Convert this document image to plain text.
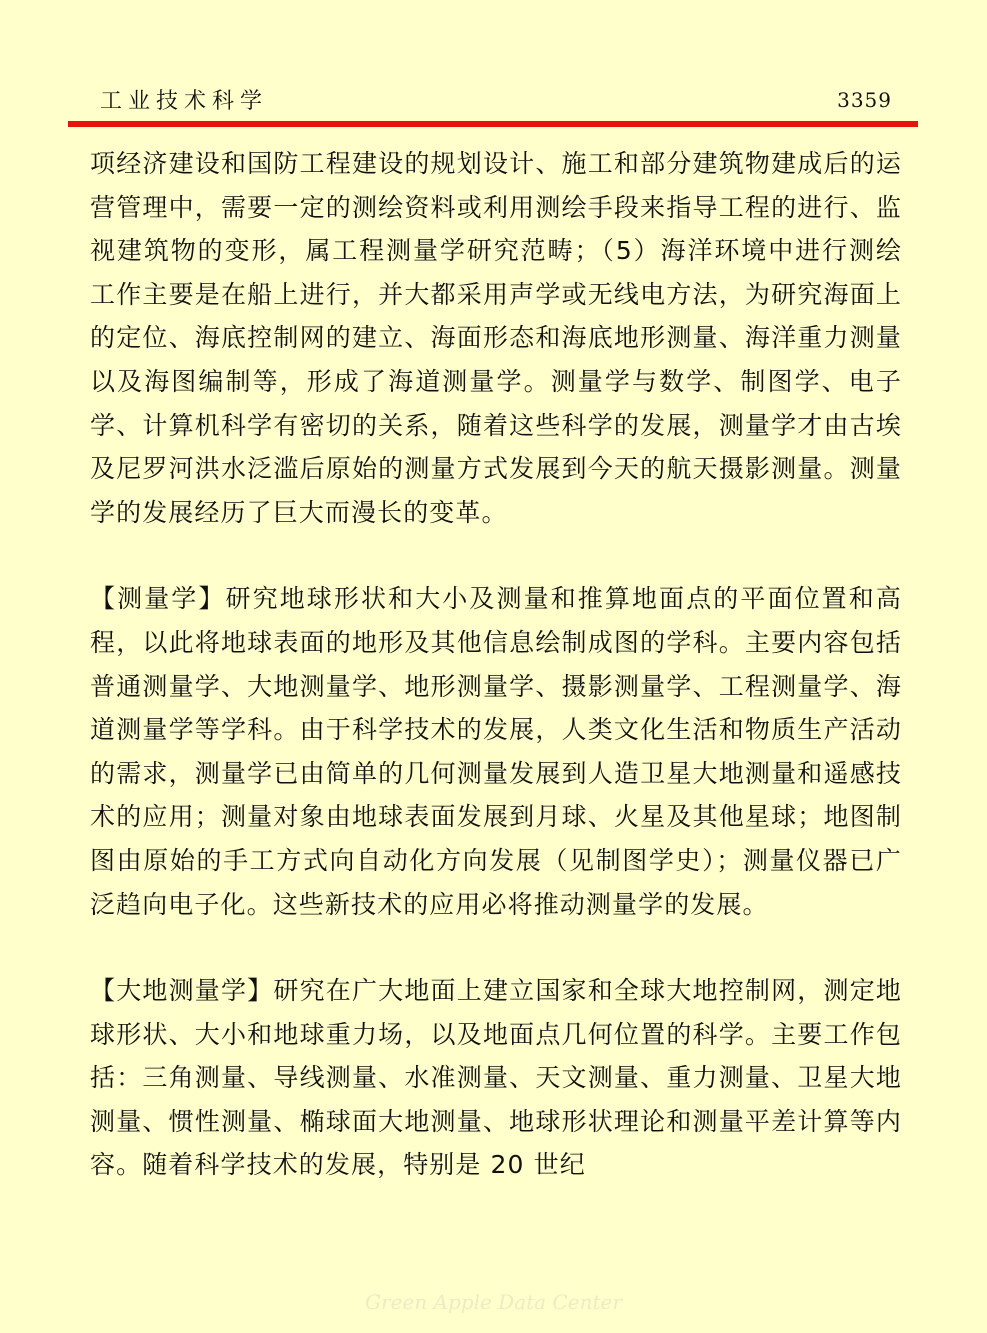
工业技术科学	3359

项经济建设和国防工程建设的规划设计、施工和部分建筑物建成后的运营管理中，需要一定的测绘资料或利用测绘手段来指导工程的进行、监视建筑物的变形，属工程测量学研究范畴；（5）海洋环境中进行测绘工作主要是在船上进行，并大都采用声学或无线电方法，为研究海面上的定位、海底控制网的建立、海面形态和海底地形测量、海洋重力测量以及海图编制等，形成了海道测量学。测量学与数学、制图学、电子学、计算机科学有密切的关系，随着这些科学的发展，测量学才由古埃及尼罗河洪水泛滥后原始的测量方式发展到今天的航天摄影测量。测量学的发展经历了巨大而漫长的变革。

【测量学】研究地球形状和大小及测量和推算地面点的平面位置和高程，以此将地球表面的地形及其他信息绘制成图的学科。主要内容包括普通测量学、大地测量学、地形测量学、摄影测量学、工程测量学、海道测量学等学科。由于科学技术的发展，人类文化生活和物质生产活动的需求，测量学已由简单的几何测量发展到人造卫星大地测量和遥感技术的应用；测量对象由地球表面发展到月球、火星及其他星球；地图制图由原始的手工方式向自动化方向发展（见制图学史）；测量仪器已广泛趋向电子化。这些新技术的应用必将推动测量学的发展。

【大地测量学】研究在广大地面上建立国家和全球大地控制网，测定地球形状、大小和地球重力场，以及地面点几何位置的科学。主要工作包括：三角测量、导线测量、水准测量、天文测量、重力测量、卫星大地测量、惯性测量、椭球面大地测量、地球形状理论和测量平差计算等内容。随着科学技术的发展，特别是 20 世纪

Green Apple Data Center
